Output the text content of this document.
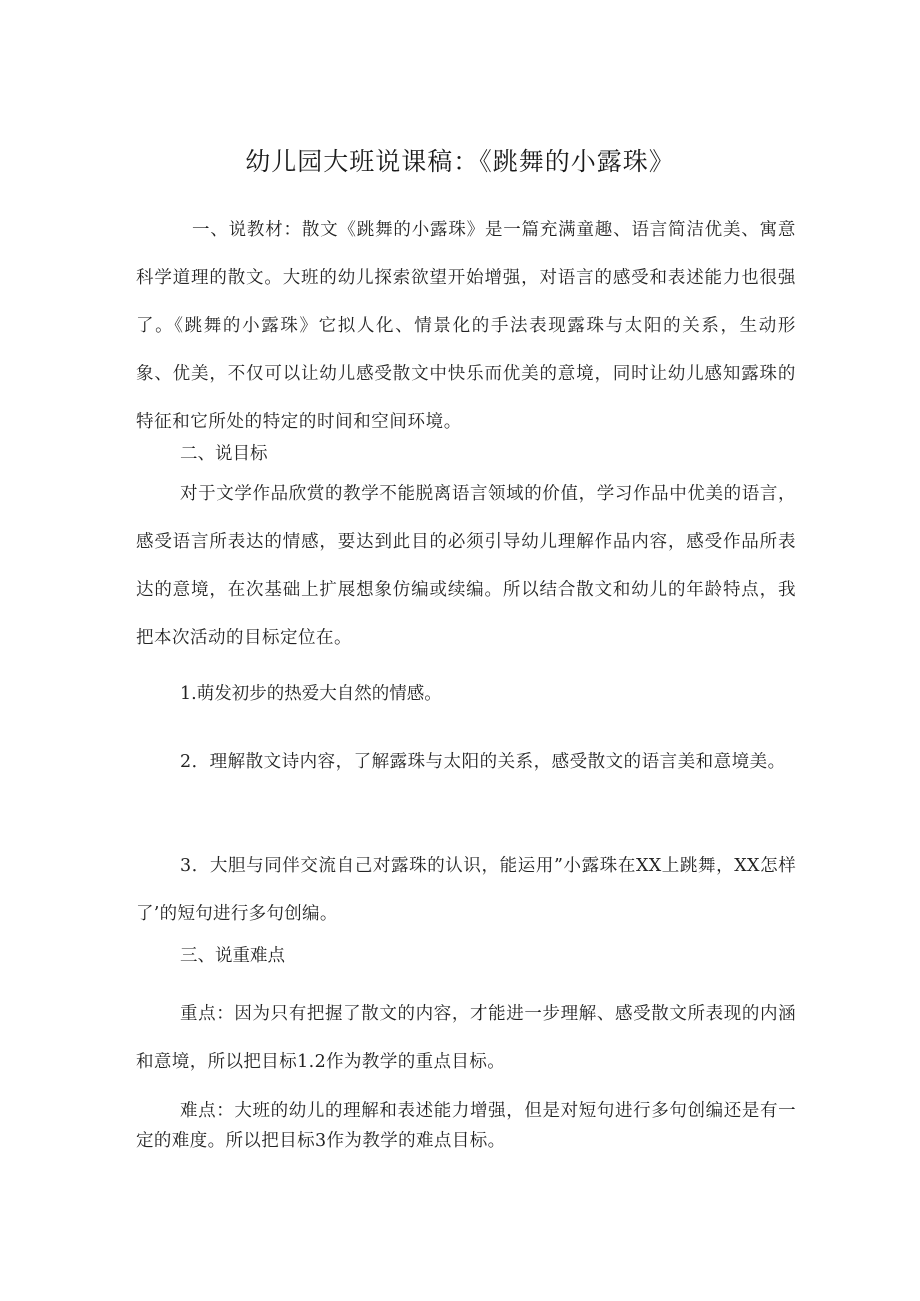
幼儿园大班说课稿：《跳舞的小露珠》

一、说教材：散文《跳舞的小露珠》是一篇充满童趣、语言简洁优美、寓意科学道理的散文。大班的幼儿探索欲望开始增强，对语言的感受和表述能力也很强了。《跳舞的小露珠》它拟人化、情景化的手法表现露珠与太阳的关系，生动形象、优美，不仅可以让幼儿感受散文中快乐而优美的意境，同时让幼儿感知露珠的特征和它所处的特定的时间和空间环境。

二、说目标

对于文学作品欣赏的教学不能脱离语言领域的价值，学习作品中优美的语言，感受语言所表达的情感，要达到此目的必须引导幼儿理解作品内容，感受作品所表达的意境，在次基础上扩展想象仿编或续编。所以结合散文和幼儿的年龄特点，我把本次活动的目标定位在。

1.萌发初步的热爱大自然的情感。

2．理解散文诗内容，了解露珠与太阳的关系，感受散文的语言美和意境美。

3．大胆与同伴交流自己对露珠的认识，能运用”小露珠在XX上跳舞，XX怎样了’的短句进行多句创编。

三、说重难点

重点：因为只有把握了散文的内容，才能进一步理解、感受散文所表现的内涵和意境，所以把目标1.2作为教学的重点目标。

难点：大班的幼儿的理解和表述能力增强，但是对短句进行多句创编还是有一定的难度。所以把目标3作为教学的难点目标。
